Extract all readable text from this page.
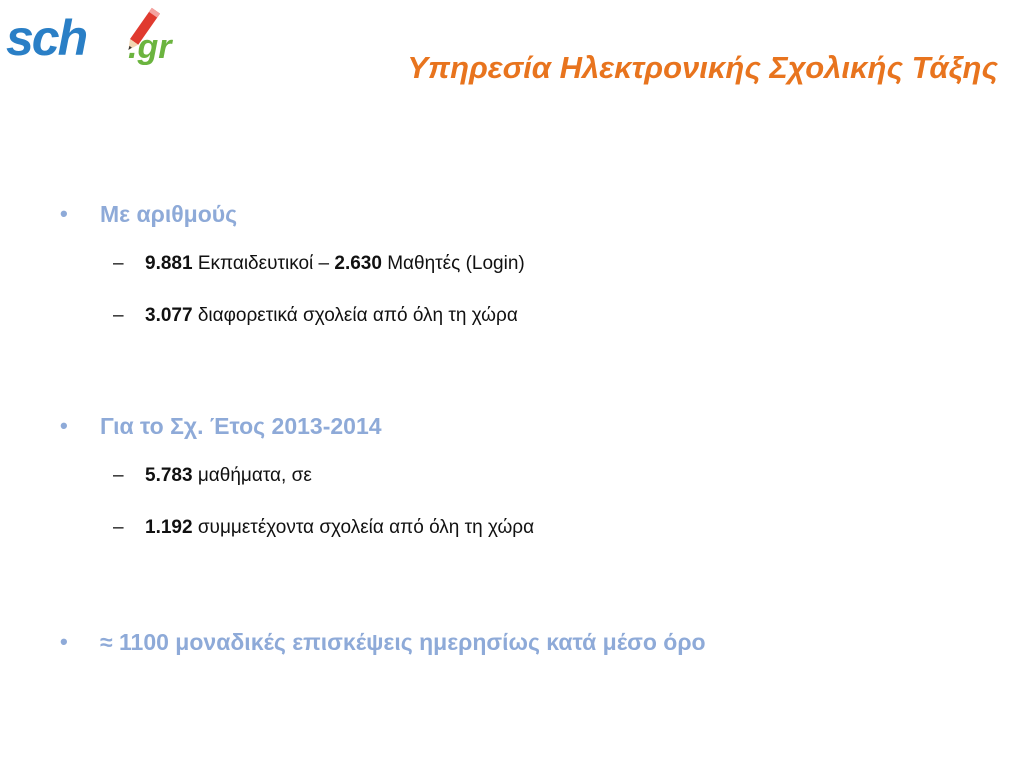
sch .gr
Υπηρεσία Ηλεκτρονικής Σχολικής Τάξης
• Με αριθμούς
– 9.881 Εκπαιδευτικοί – 2.630 Μαθητές (Login)
– 3.077 διαφορετικά σχολεία από όλη τη χώρα
• Για το Σχ. Έτος 2013-2014
– 5.783 μαθήματα, σε
– 1.192 συμμετέχοντα σχολεία από όλη τη χώρα
• ≈ 1100 μοναδικές επισκέψεις ημερησίως κατά μέσο όρο
